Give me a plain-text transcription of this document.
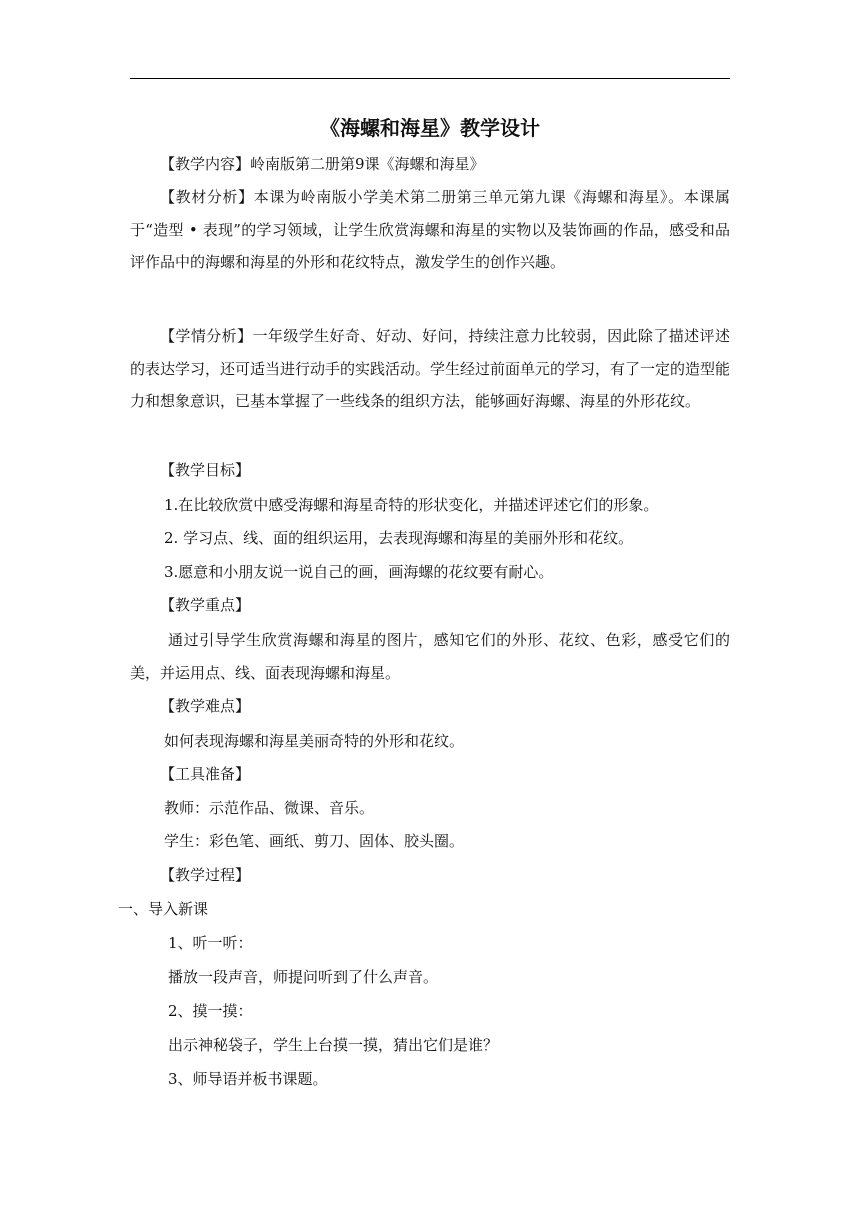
《海螺和海星》教学设计
【教学内容】岭南版第二册第9课《海螺和海星》
【教材分析】本课为岭南版小学美术第二册第三单元第九课《海螺和海星》。本课属于“造型 • 表现”的学习领域，让学生欣赏海螺和海星的实物以及装饰画的作品，感受和品评作品中的海螺和海星的外形和花纹特点，激发学生的创作兴趣。
【学情分析】一年级学生好奇、好动、好问，持续注意力比较弱，因此除了描述评述的表达学习，还可适当进行动手的实践活动。学生经过前面单元的学习，有了一定的造型能力和想象意识，已基本掌握了一些线条的组织方法，能够画好海螺、海星的外形花纹。
【教学目标】
1.在比较欣赏中感受海螺和海星奇特的形状变化，并描述评述它们的形象。
2. 学习点、线、面的组织运用，去表现海螺和海星的美丽外形和花纹。
3.愿意和小朋友说一说自己的画，画海螺的花纹要有耐心。
【教学重点】
通过引导学生欣赏海螺和海星的图片，感知它们的外形、花纹、色彩，感受它们的美，并运用点、线、面表现海螺和海星。
【教学难点】
如何表现海螺和海星美丽奇特的外形和花纹。
【工具准备】
教师：示范作品、微课、音乐。
学生：彩色笔、画纸、剪刀、固体、胶头圈。
【教学过程】
一、导入新课
1、听一听：
播放一段声音，师提问听到了什么声音。
2、摸一摸：
出示神秘袋子，学生上台摸一摸，猜出它们是谁？
3、师导语并板书课题。
